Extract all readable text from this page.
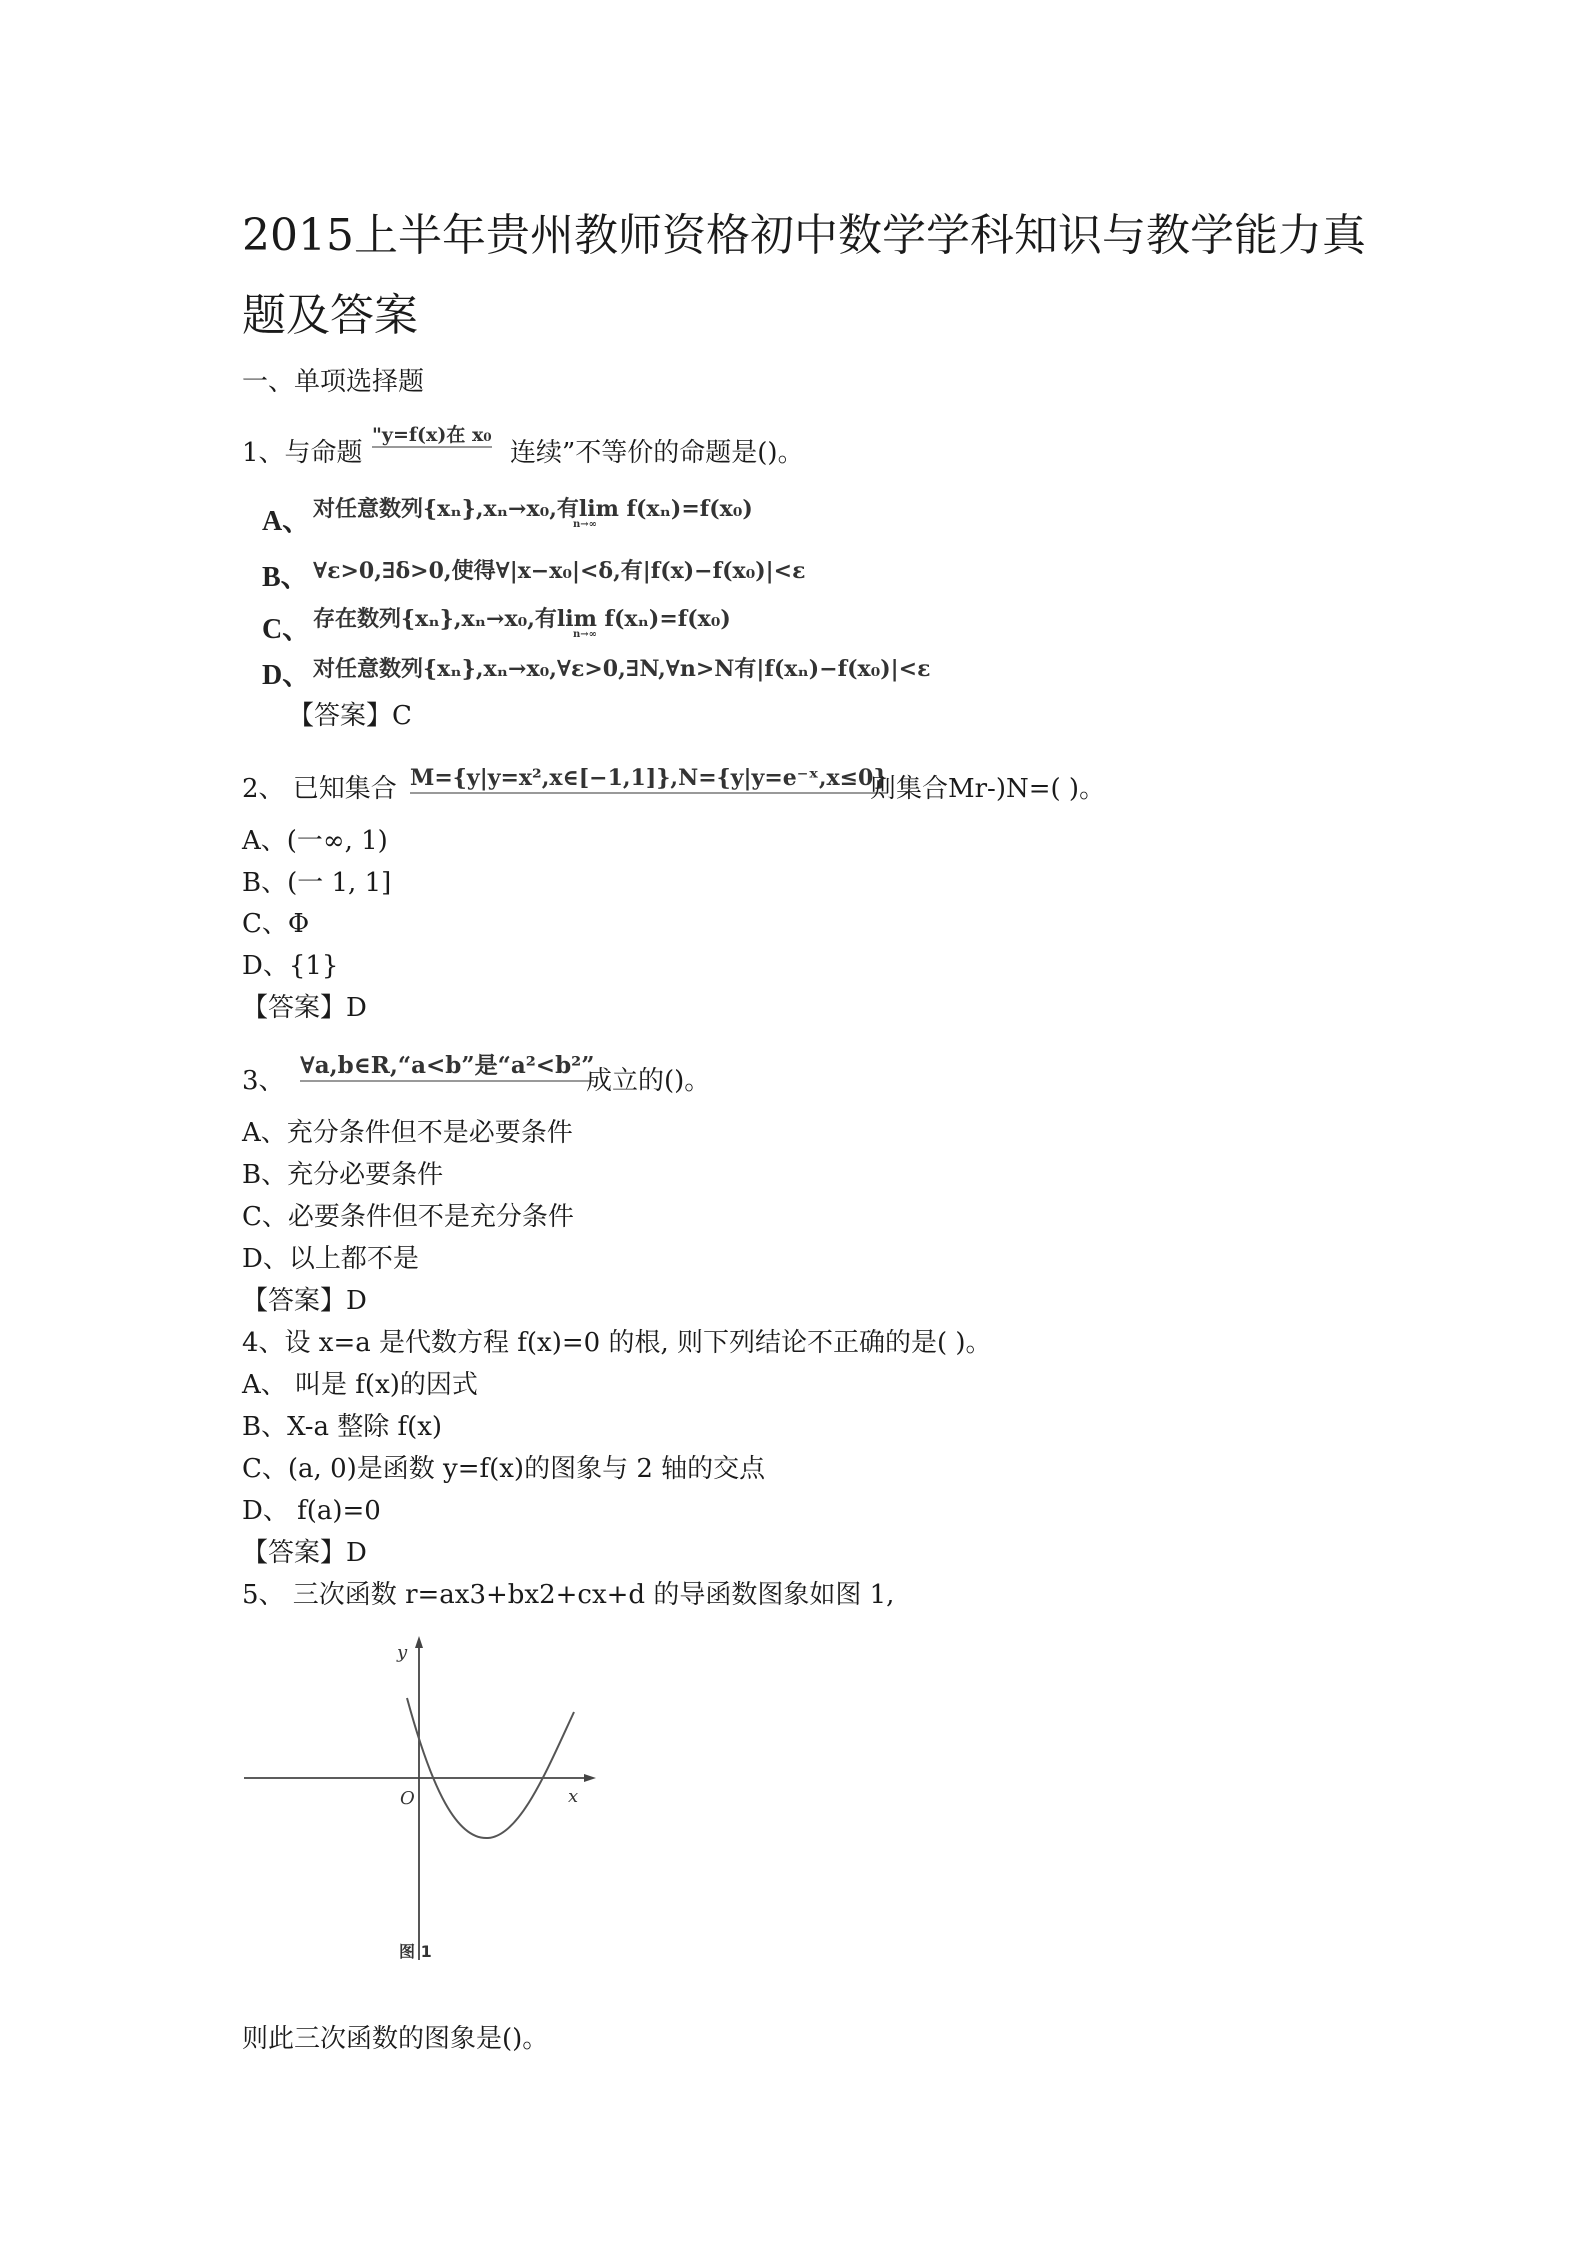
2015上半年贵州教师资格初中数学学科知识与教学能力真
题及答案
一、单项选择题
1、与命题
"y=f(x)在 x₀
连续”不等价的命题是()。
A、 对任意数列{xₙ},xₙ→x₀,有lim f(xₙ)=f(x₀)
n→∞
B、 ∀ε>0,∃δ>0,使得∀|x−x₀|<δ,有|f(x)−f(x₀)|<ε
C、 存在数列{xₙ},xₙ→x₀,有lim f(xₙ)=f(x₀)
n→∞
D、 对任意数列{xₙ},xₙ→x₀,∀ε>0,∃N,∀n>N有|f(xₙ)−f(x₀)|<ε
【答案】C
2、 已知集合 M={y|y=x²,x∈[−1,1]},N={y|y=e⁻ˣ,x≤0}
则集合Mr-)N=( )。
A、(一∞, 1)
B、(一 1, 1]
C、Φ
D、{1}
【答案】D
3、
∀a,b∈R,“a<b”是“a²<b²”
成立的()。
A、充分条件但不是必要条件
B、充分必要条件
C、必要条件但不是充分条件
D、以上都不是
【答案】D
4、设 x=a 是代数方程 f(x)=0 的根, 则下列结论不正确的是( )。
A、 叫是 f(x)的因式
B、X-a 整除 f(x)
C、(a, 0)是函数 y=f(x)的图象与 2 轴的交点
D、 f(a)=0
【答案】D
5、 三次函数 r=ax3+bx2+cx+d 的导函数图象如图 1,
y
x
O
图 1
则此三次函数的图象是()。
